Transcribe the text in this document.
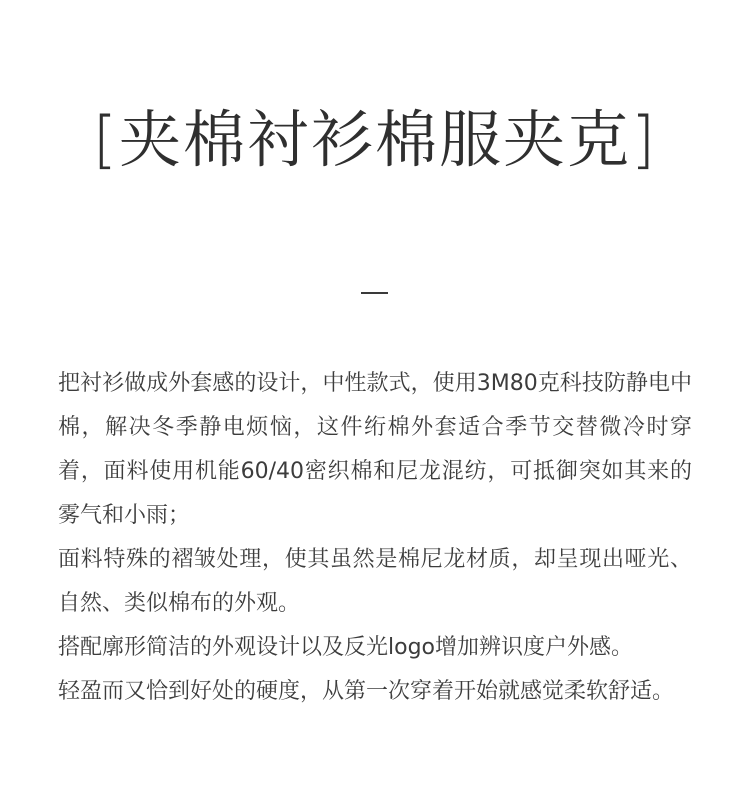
[夹棉衬衫棉服夹克]

把衬衫做成外套感的设计，中性款式，使用3M80克科技防静电中棉，解决冬季静电烦恼，这件绗棉外套适合季节交替微冷时穿着，面料使用机能60/40密织棉和尼龙混纺，可抵御突如其来的雾气和小雨；

面料特殊的褶皱处理，使其虽然是棉尼龙材质，却呈现出哑光、自然、类似棉布的外观。

搭配廓形简洁的外观设计以及反光logo增加辨识度户外感。

轻盈而又恰到好处的硬度，从第一次穿着开始就感觉柔软舒适。
